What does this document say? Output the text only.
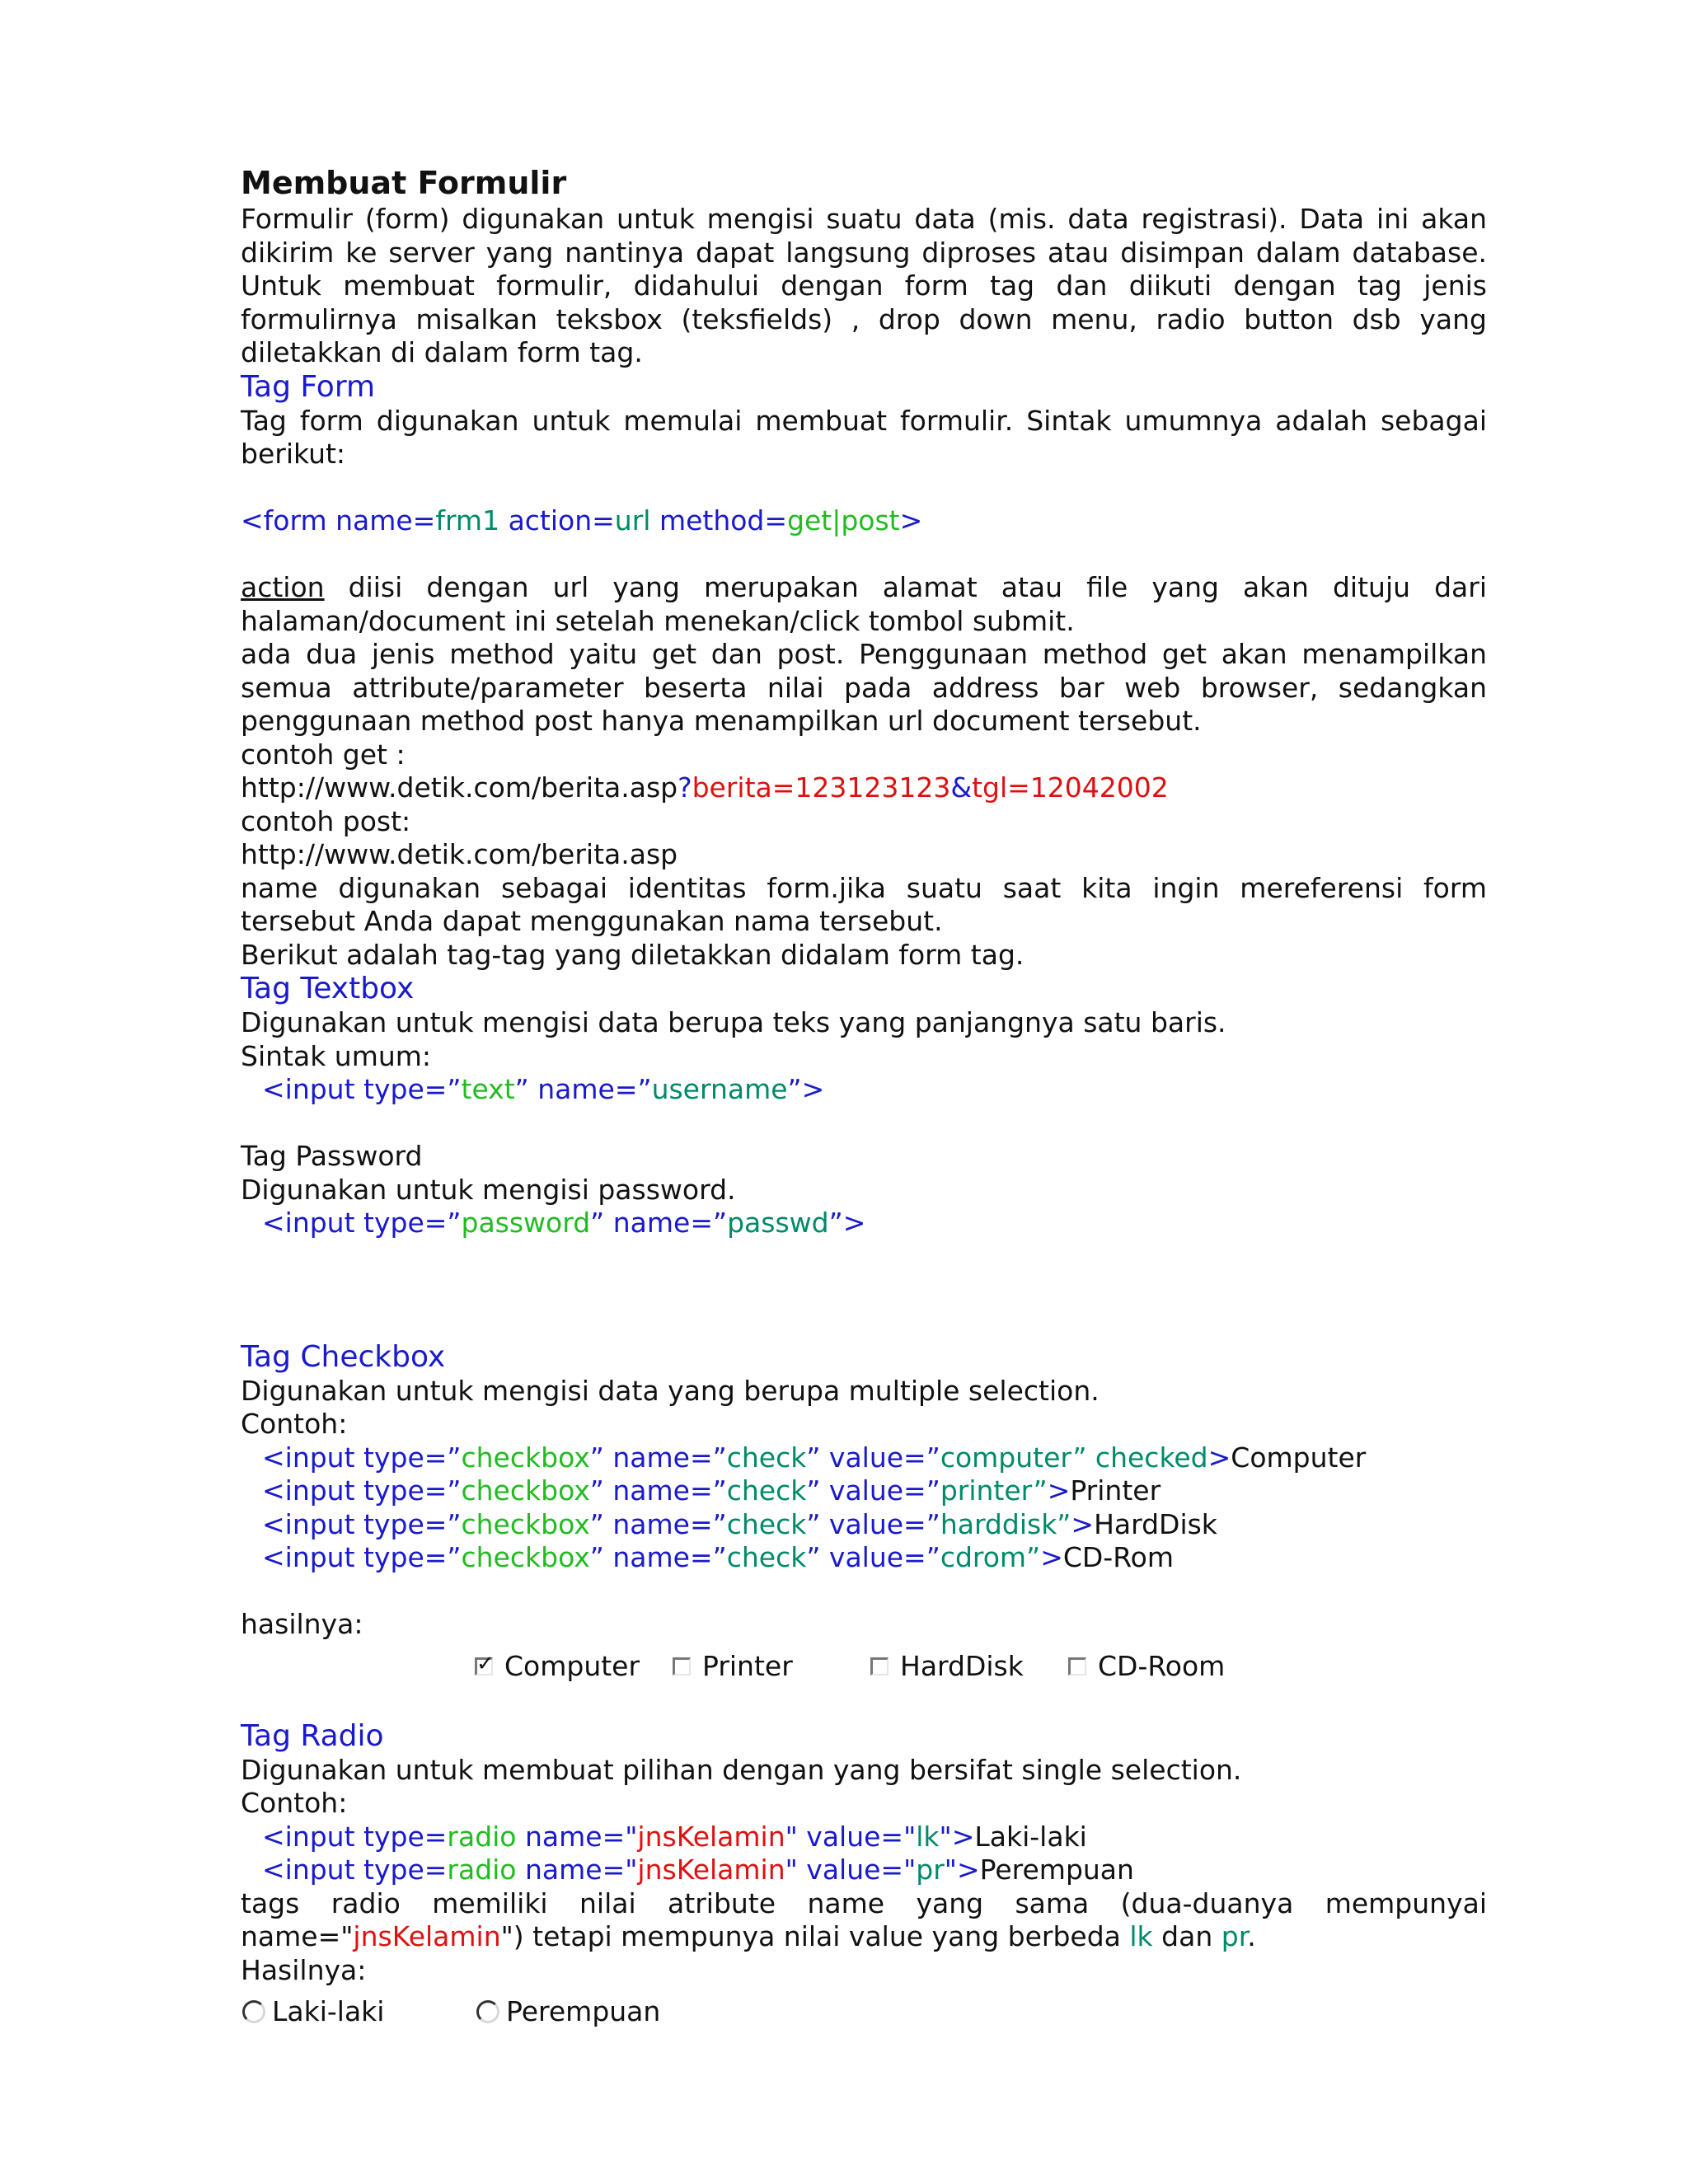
Membuat Formulir

Formulir (form) digunakan untuk mengisi suatu data (mis. data registrasi). Data ini akan dikirim ke server yang nantinya dapat langsung diproses atau disimpan dalam database. Untuk membuat formulir, didahului dengan form tag dan diikuti dengan tag jenis formulirnya misalkan teksbox (teksfields) , drop down menu, radio button dsb yang diletakkan di dalam form tag.

Tag Form

Tag form digunakan untuk memulai membuat formulir. Sintak umumnya adalah sebagai berikut:

<form name=frm1 action=url method=get|post>

action diisi dengan url yang merupakan alamat atau file yang akan dituju dari halaman/document ini setelah menekan/click tombol submit.

ada dua jenis method yaitu get dan post. Penggunaan method get akan menampilkan semua attribute/parameter beserta nilai pada address bar web browser, sedangkan penggunaan method post hanya menampilkan url document tersebut.

contoh get :

http://www.detik.com/berita.asp?berita=123123123&tgl=12042002

contoh post:

http://www.detik.com/berita.asp

name digunakan sebagai identitas form.jika suatu saat kita ingin mereferensi form tersebut Anda dapat menggunakan nama tersebut.

Berikut adalah tag-tag yang diletakkan didalam form tag.

Tag Textbox

Digunakan untuk mengisi data berupa teks yang panjangnya satu baris.

Sintak umum:

<input type=”text” name=”username”>

Tag Password

Digunakan untuk mengisi password.

<input type=”password” name=”passwd”>

Tag Checkbox

Digunakan untuk mengisi data yang berupa multiple selection.

Contoh:

<input type=”checkbox” name=”check” value=”computer” checked>Computer

<input type=”checkbox” name=”check” value=”printer”>Printer

<input type=”checkbox” name=”check” value=”harddisk”>HardDisk

<input type=”checkbox” name=”check” value=”cdrom”>CD-Rom

hasilnya:

✓ Computer Printer	HardDisk	CD-Room

Tag Radio

Digunakan untuk membuat pilihan dengan yang bersifat single selection.

Contoh:

<input type=radio name="jnsKelamin" value="lk">Laki-laki

<input type=radio name="jnsKelamin" value="pr">Perempuan

tags radio memiliki nilai atribute name yang sama (dua-duanya mempunyai name="jnsKelamin") tetapi mempunya nilai value yang berbeda lk dan pr.

Hasilnya:

Laki-laki	Perempuan
